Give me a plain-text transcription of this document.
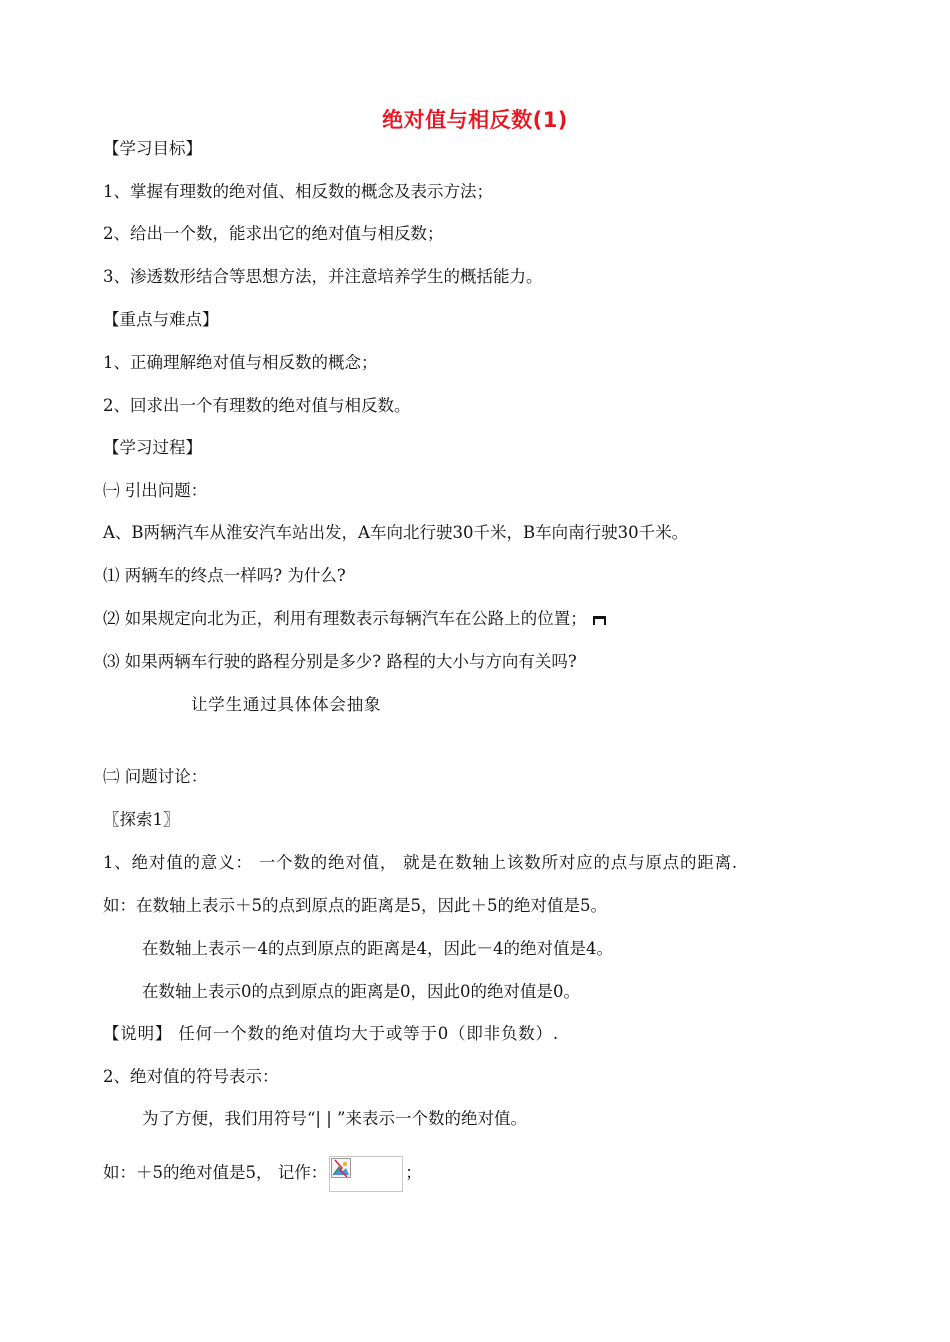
绝对值与相反数(1)
【学习目标】
1、掌握有理数的绝对值、相反数的概念及表示方法；
2、给出一个数，能求出它的绝对值与相反数；
3、渗透数形结合等思想方法，并注意培养学生的概括能力。
【重点与难点】
1、正确理解绝对值与相反数的概念；
2、回求出一个有理数的绝对值与相反数。
【学习过程】
㈠ 引出问题：
A、B两辆汽车从淮安汽车站出发，A车向北行驶30千米，B车向南行驶30千米。
⑴ 两辆车的终点一样吗? 为什么?
⑵ 如果规定向北为正，利用有理数表示每辆汽车在公路上的位置；
⑶ 如果两辆车行驶的路程分别是多少? 路程的大小与方向有关吗?
让学生通过具体体会抽象
㈡ 问题讨论：
〖探索1〗
1、绝对值的意义： 一个数的绝对值， 就是在数轴上该数所对应的点与原点的距离.
如：在数轴上表示＋5的点到原点的距离是5，因此＋5的绝对值是5。
在数轴上表示－4的点到原点的距离是4，因此－4的绝对值是4。
在数轴上表示0的点到原点的距离是0，因此0的绝对值是0。
【说明】 任何一个数的绝对值均大于或等于0（即非负数）.
2、绝对值的符号表示：
为了方便，我们用符号“| | ”来表示一个数的绝对值。
如：＋5的绝对值是5， 记作：	；
